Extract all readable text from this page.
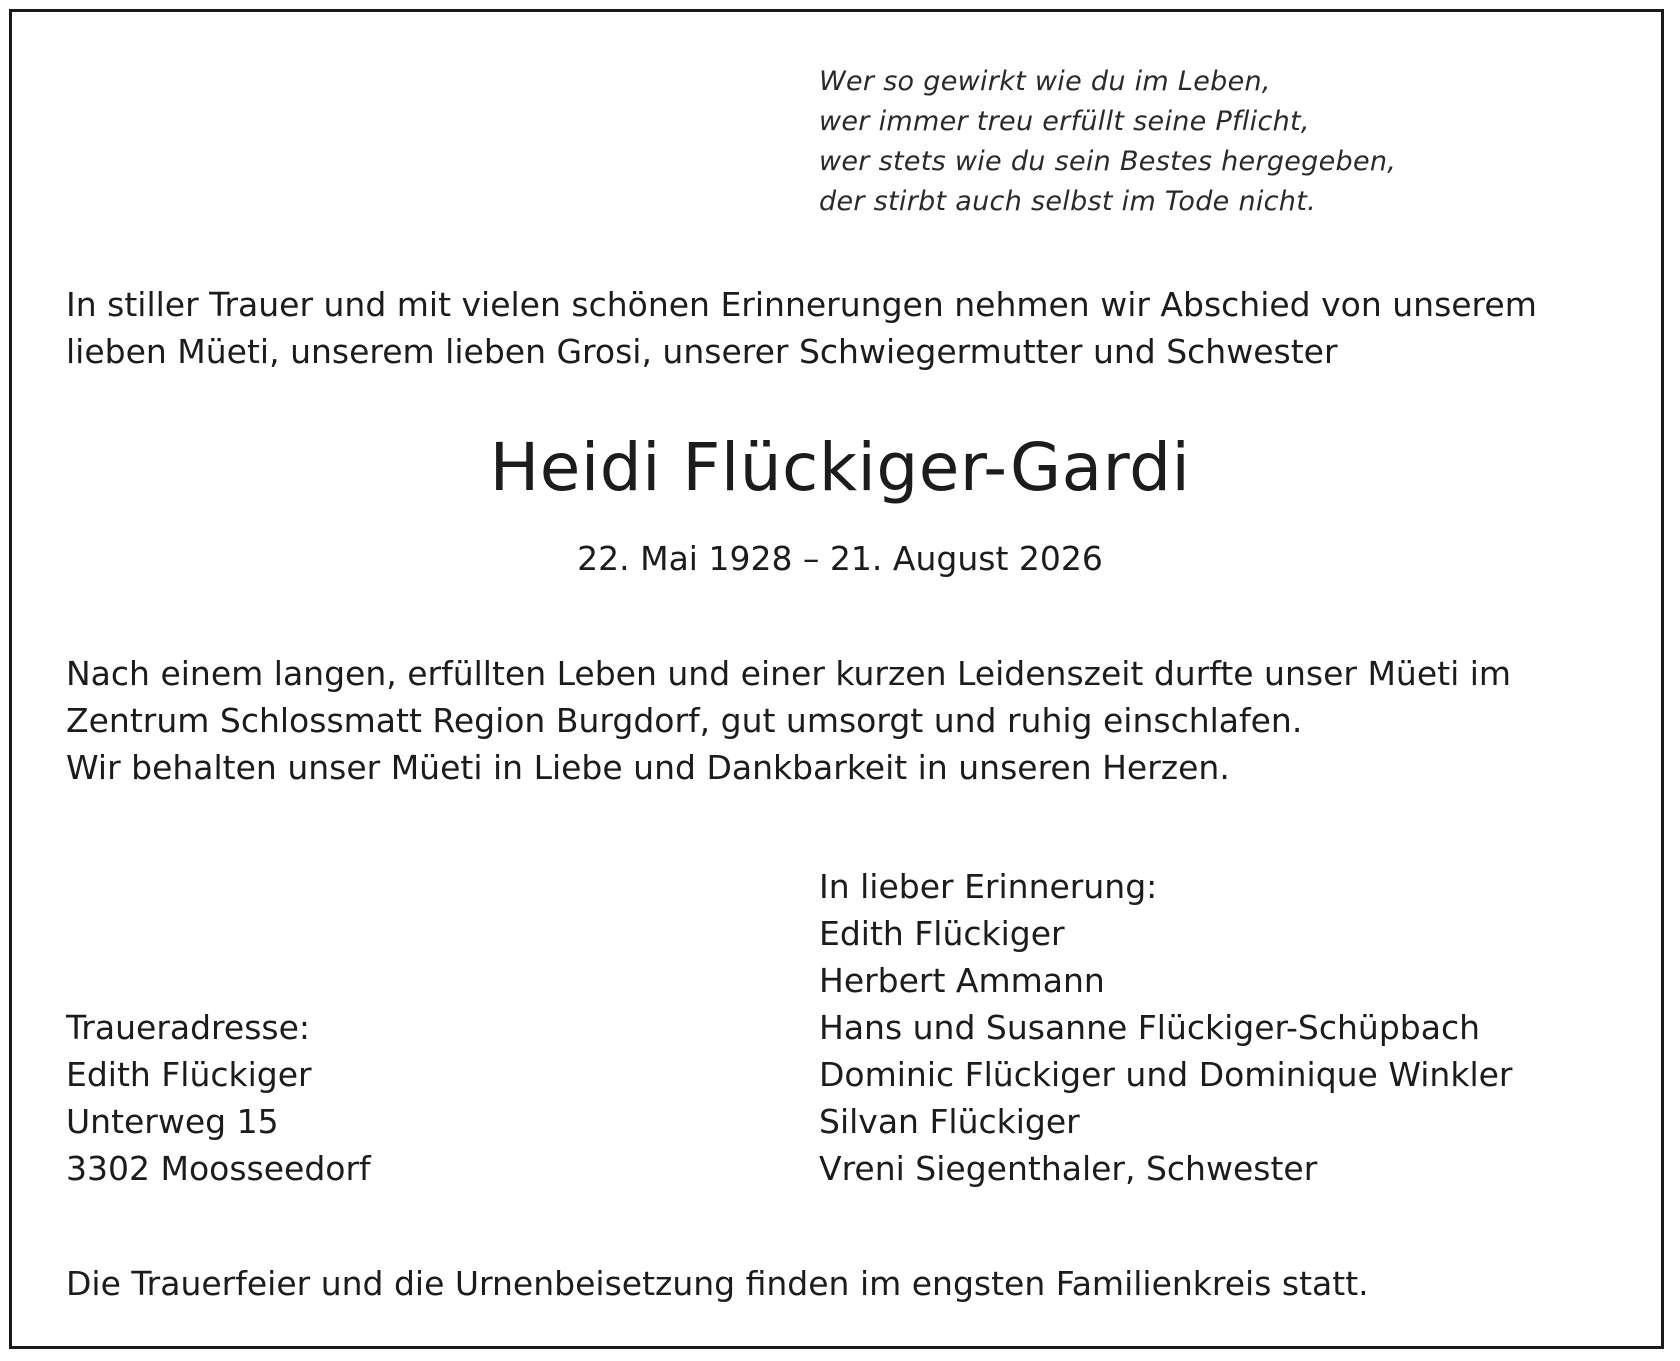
Wer so gewirkt wie du im Leben,
wer immer treu erfüllt seine Pflicht,
wer stets wie du sein Bestes hergegeben,
der stirbt auch selbst im Tode nicht.
In stiller Trauer und mit vielen schönen Erinnerungen nehmen wir Abschied von unserem
lieben Müeti, unserem lieben Grosi, unserer Schwiegermutter und Schwester
Heidi Flückiger-Gardi
22. Mai 1928 – 21. August 2026
Nach einem langen, erfüllten Leben und einer kurzen Leidenszeit durfte unser Müeti im
Zentrum Schlossmatt Region Burgdorf, gut umsorgt und ruhig einschlafen.
Wir behalten unser Müeti in Liebe und Dankbarkeit in unseren Herzen.
In lieber Erinnerung:
Edith Flückiger
Herbert Ammann
Hans und Susanne Flückiger-Schüpbach
Dominic Flückiger und Dominique Winkler
Silvan Flückiger
Vreni Siegenthaler, Schwester
Traueradresse:
Edith Flückiger
Unterweg 15
3302 Moosseedorf
Die Trauerfeier und die Urnenbeisetzung finden im engsten Familienkreis statt.
